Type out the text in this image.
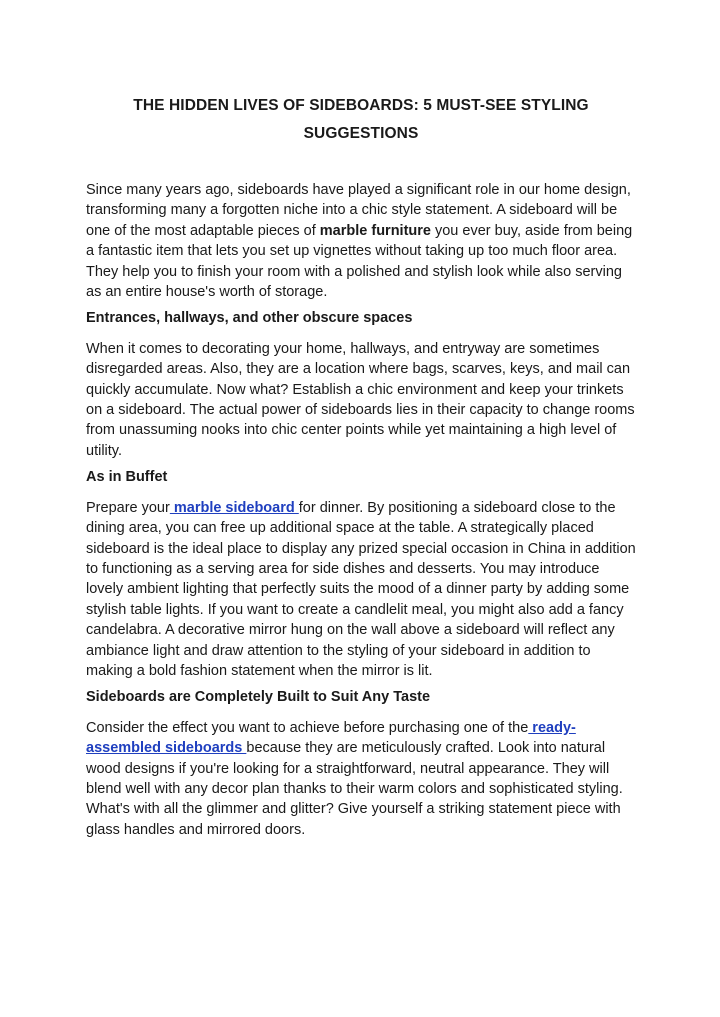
THE HIDDEN LIVES OF SIDEBOARDS: 5 MUST-SEE STYLING SUGGESTIONS

Since many years ago, sideboards have played a significant role in our home design, transforming many a forgotten niche into a chic style statement. A sideboard will be one of the most adaptable pieces of marble furniture you ever buy, aside from being a fantastic item that lets you set up vignettes without taking up too much floor area. They help you to finish your room with a polished and stylish look while also serving as an entire house's worth of storage.

Entrances, hallways, and other obscure spaces

When it comes to decorating your home, hallways, and entryway are sometimes disregarded areas. Also, they are a location where bags, scarves, keys, and mail can quickly accumulate. Now what? Establish a chic environment and keep your trinkets on a sideboard. The actual power of sideboards lies in their capacity to change rooms from unassuming nooks into chic center points while yet maintaining a high level of utility.

As in Buffet

Prepare your marble sideboard for dinner. By positioning a sideboard close to the dining area, you can free up additional space at the table. A strategically placed sideboard is the ideal place to display any prized special occasion in China in addition to functioning as a serving area for side dishes and desserts. You may introduce lovely ambient lighting that perfectly suits the mood of a dinner party by adding some stylish table lights. If you want to create a candlelit meal, you might also add a fancy candelabra. A decorative mirror hung on the wall above a sideboard will reflect any ambiance light and draw attention to the styling of your sideboard in addition to making a bold fashion statement when the mirror is lit.

Sideboards are Completely Built to Suit Any Taste

Consider the effect you want to achieve before purchasing one of the ready-assembled sideboards because they are meticulously crafted. Look into natural wood designs if you're looking for a straightforward, neutral appearance. They will blend well with any decor plan thanks to their warm colors and sophisticated styling. What's with all the glimmer and glitter? Give yourself a striking statement piece with glass handles and mirrored doors.
